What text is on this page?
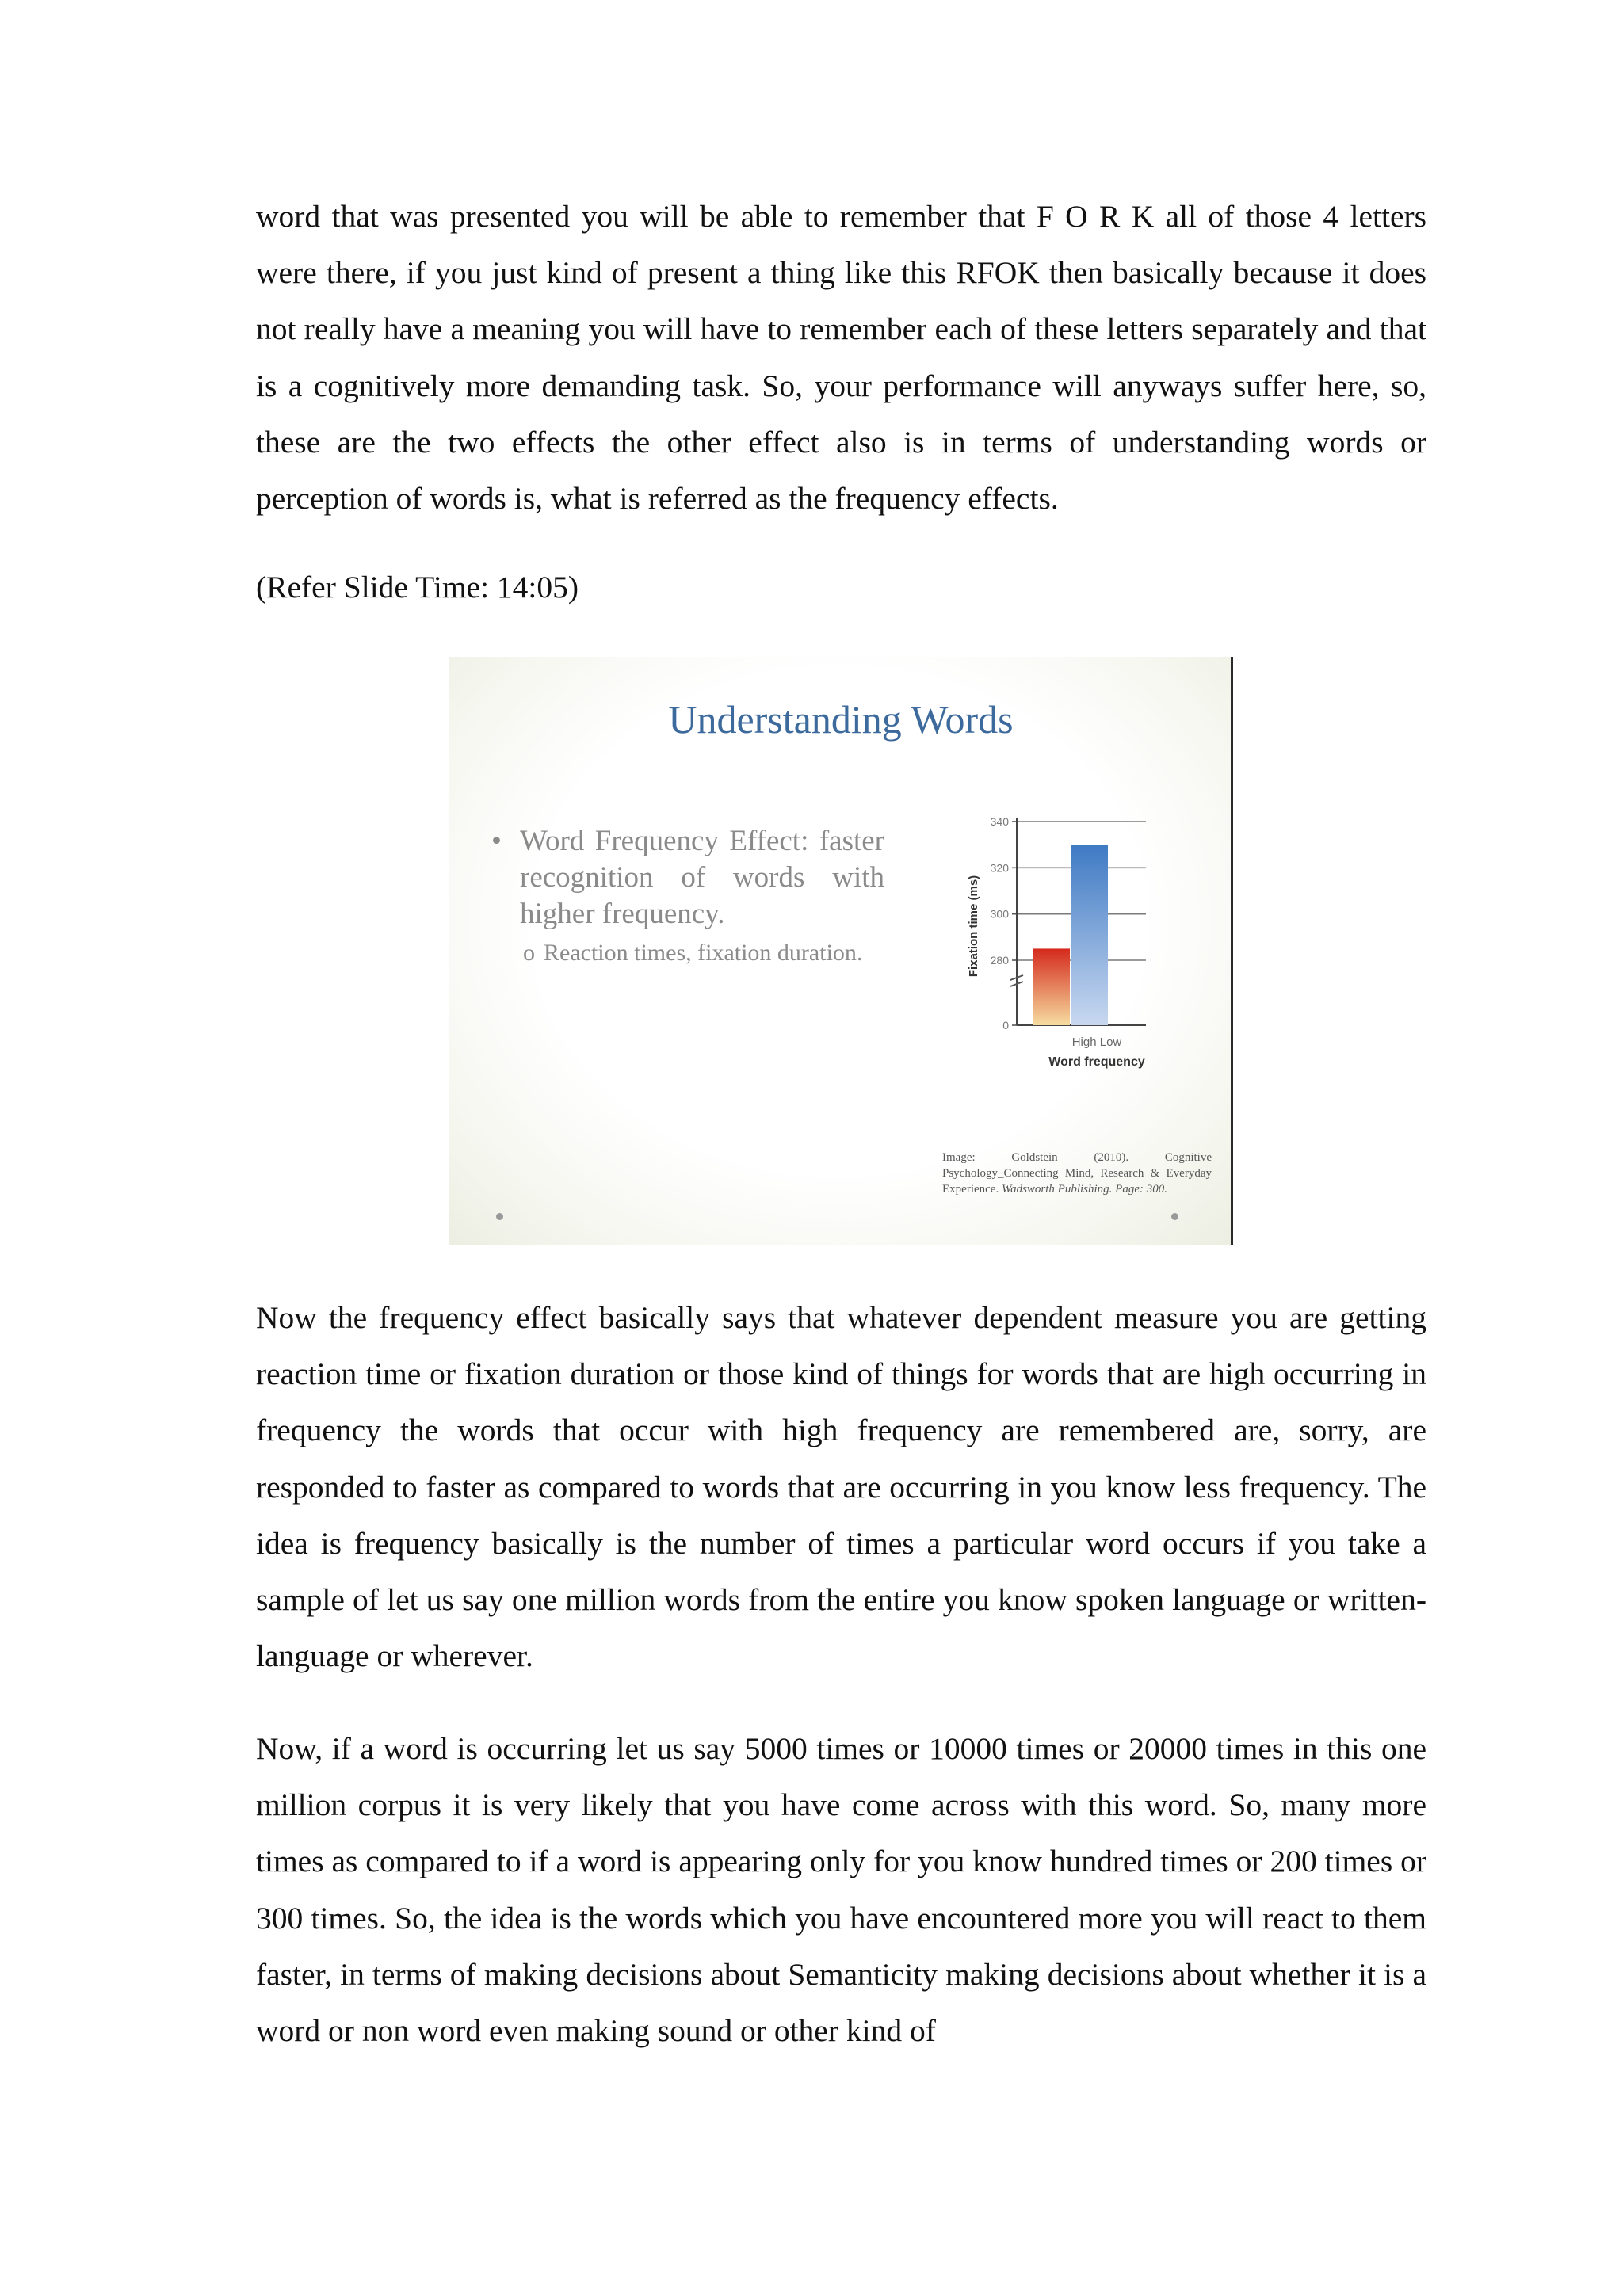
word that was presented you will be able to remember that F O R K all of those 4 letters were there, if you just kind of present a thing like this RFOK then basically because it does not really have a meaning you will have to remember each of these letters separately and that is a cognitively more demanding task. So, your performance will anyways suffer here, so, these are the two effects the other effect also is in terms of understanding words or perception of words is, what is referred as the frequency effects.

(Refer Slide Time: 14:05)

Now the frequency effect basically says that whatever dependent measure you are getting reaction time or fixation duration or those kind of things for words that are high occurring in frequency the words that occur with high frequency are remembered are, sorry, are responded to faster as compared to words that are occurring in you know less frequency. The idea is frequency basically is the number of times a particular word occurs if you take a sample of let us say one million words from the entire you know spoken language or written- language or wherever.

Now, if a word is occurring let us say 5000 times or 10000 times or 20000 times in this one million corpus it is very likely that you have come across with this word. So, many more times as compared to if a word is appearing only for you know hundred times or 200 times or 300 times. So, the idea is the words which you have encountered more you will react to them faster, in terms of making decisions about Semanticity making decisions about whether it is a word or non word even making sound or other kind of

Understanding Words
• Word Frequency Effect: faster recognition of words with higher frequency.
o Reaction times, fixation duration.
340
320
300
280
0
High Low
Word frequency
Fixation time (ms)
Image: Goldstein (2010). Cognitive Psychology_Connecting Mind, Research & Everyday Experience. Wadsworth Publishing. Page: 300.
